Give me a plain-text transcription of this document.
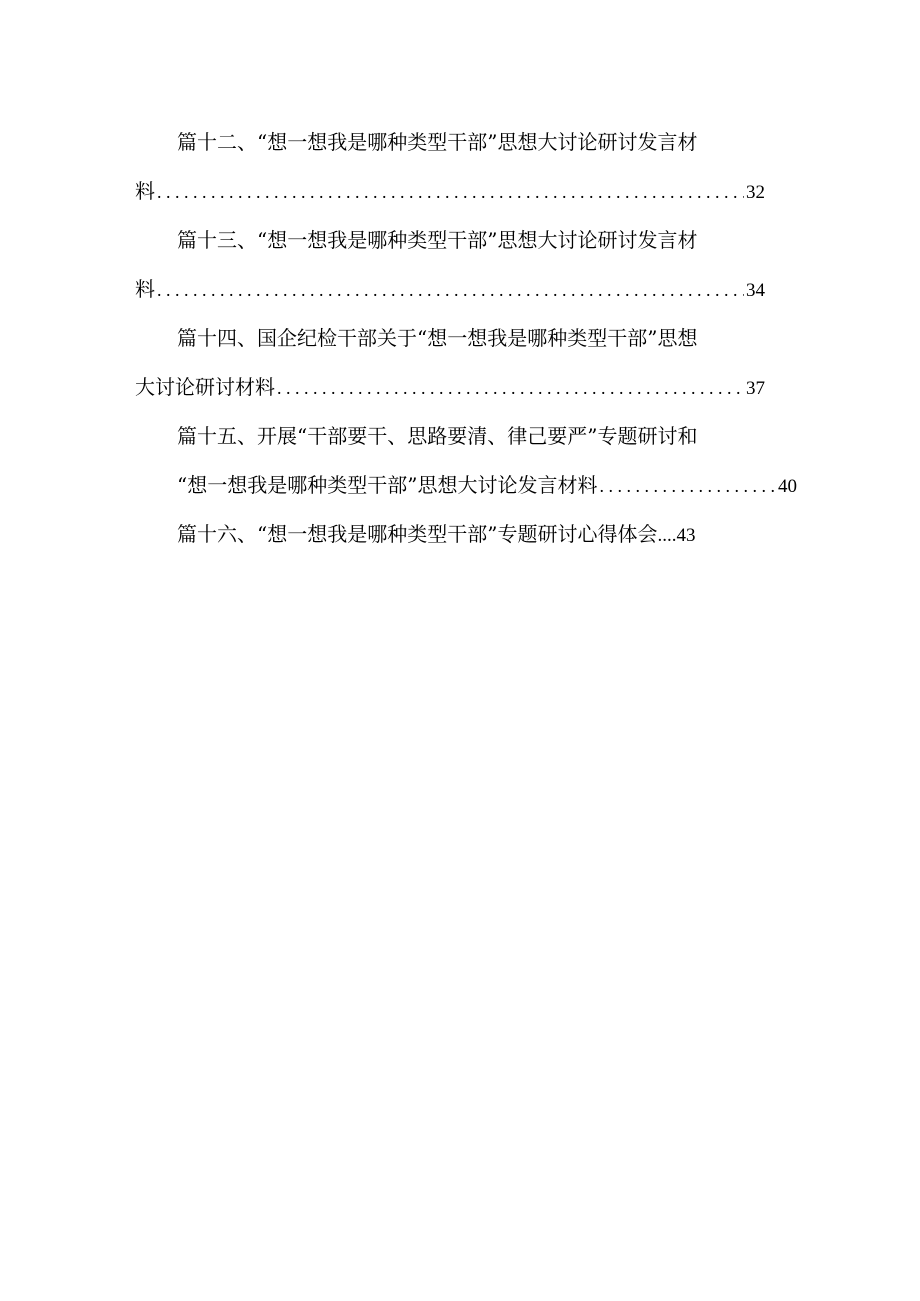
篇十二、“想一想我是哪种类型干部”思想大讨论研讨发言材
料 . . .	32
篇十三、“想一想我是哪种类型干部”思想大讨论研讨发言材
料 . . .	34
篇十四、国企纪检干部关于“想一想我是哪种类型干部”思想
大讨论研讨材料 . . .	37
篇十五、开展“干部要干、思路要清、律己要严”专题研讨和
“想一想我是哪种类型干部”思想大讨论发言材料 . . .	40
篇十六、“想一想我是哪种类型干部”专题研讨心得体会....43
